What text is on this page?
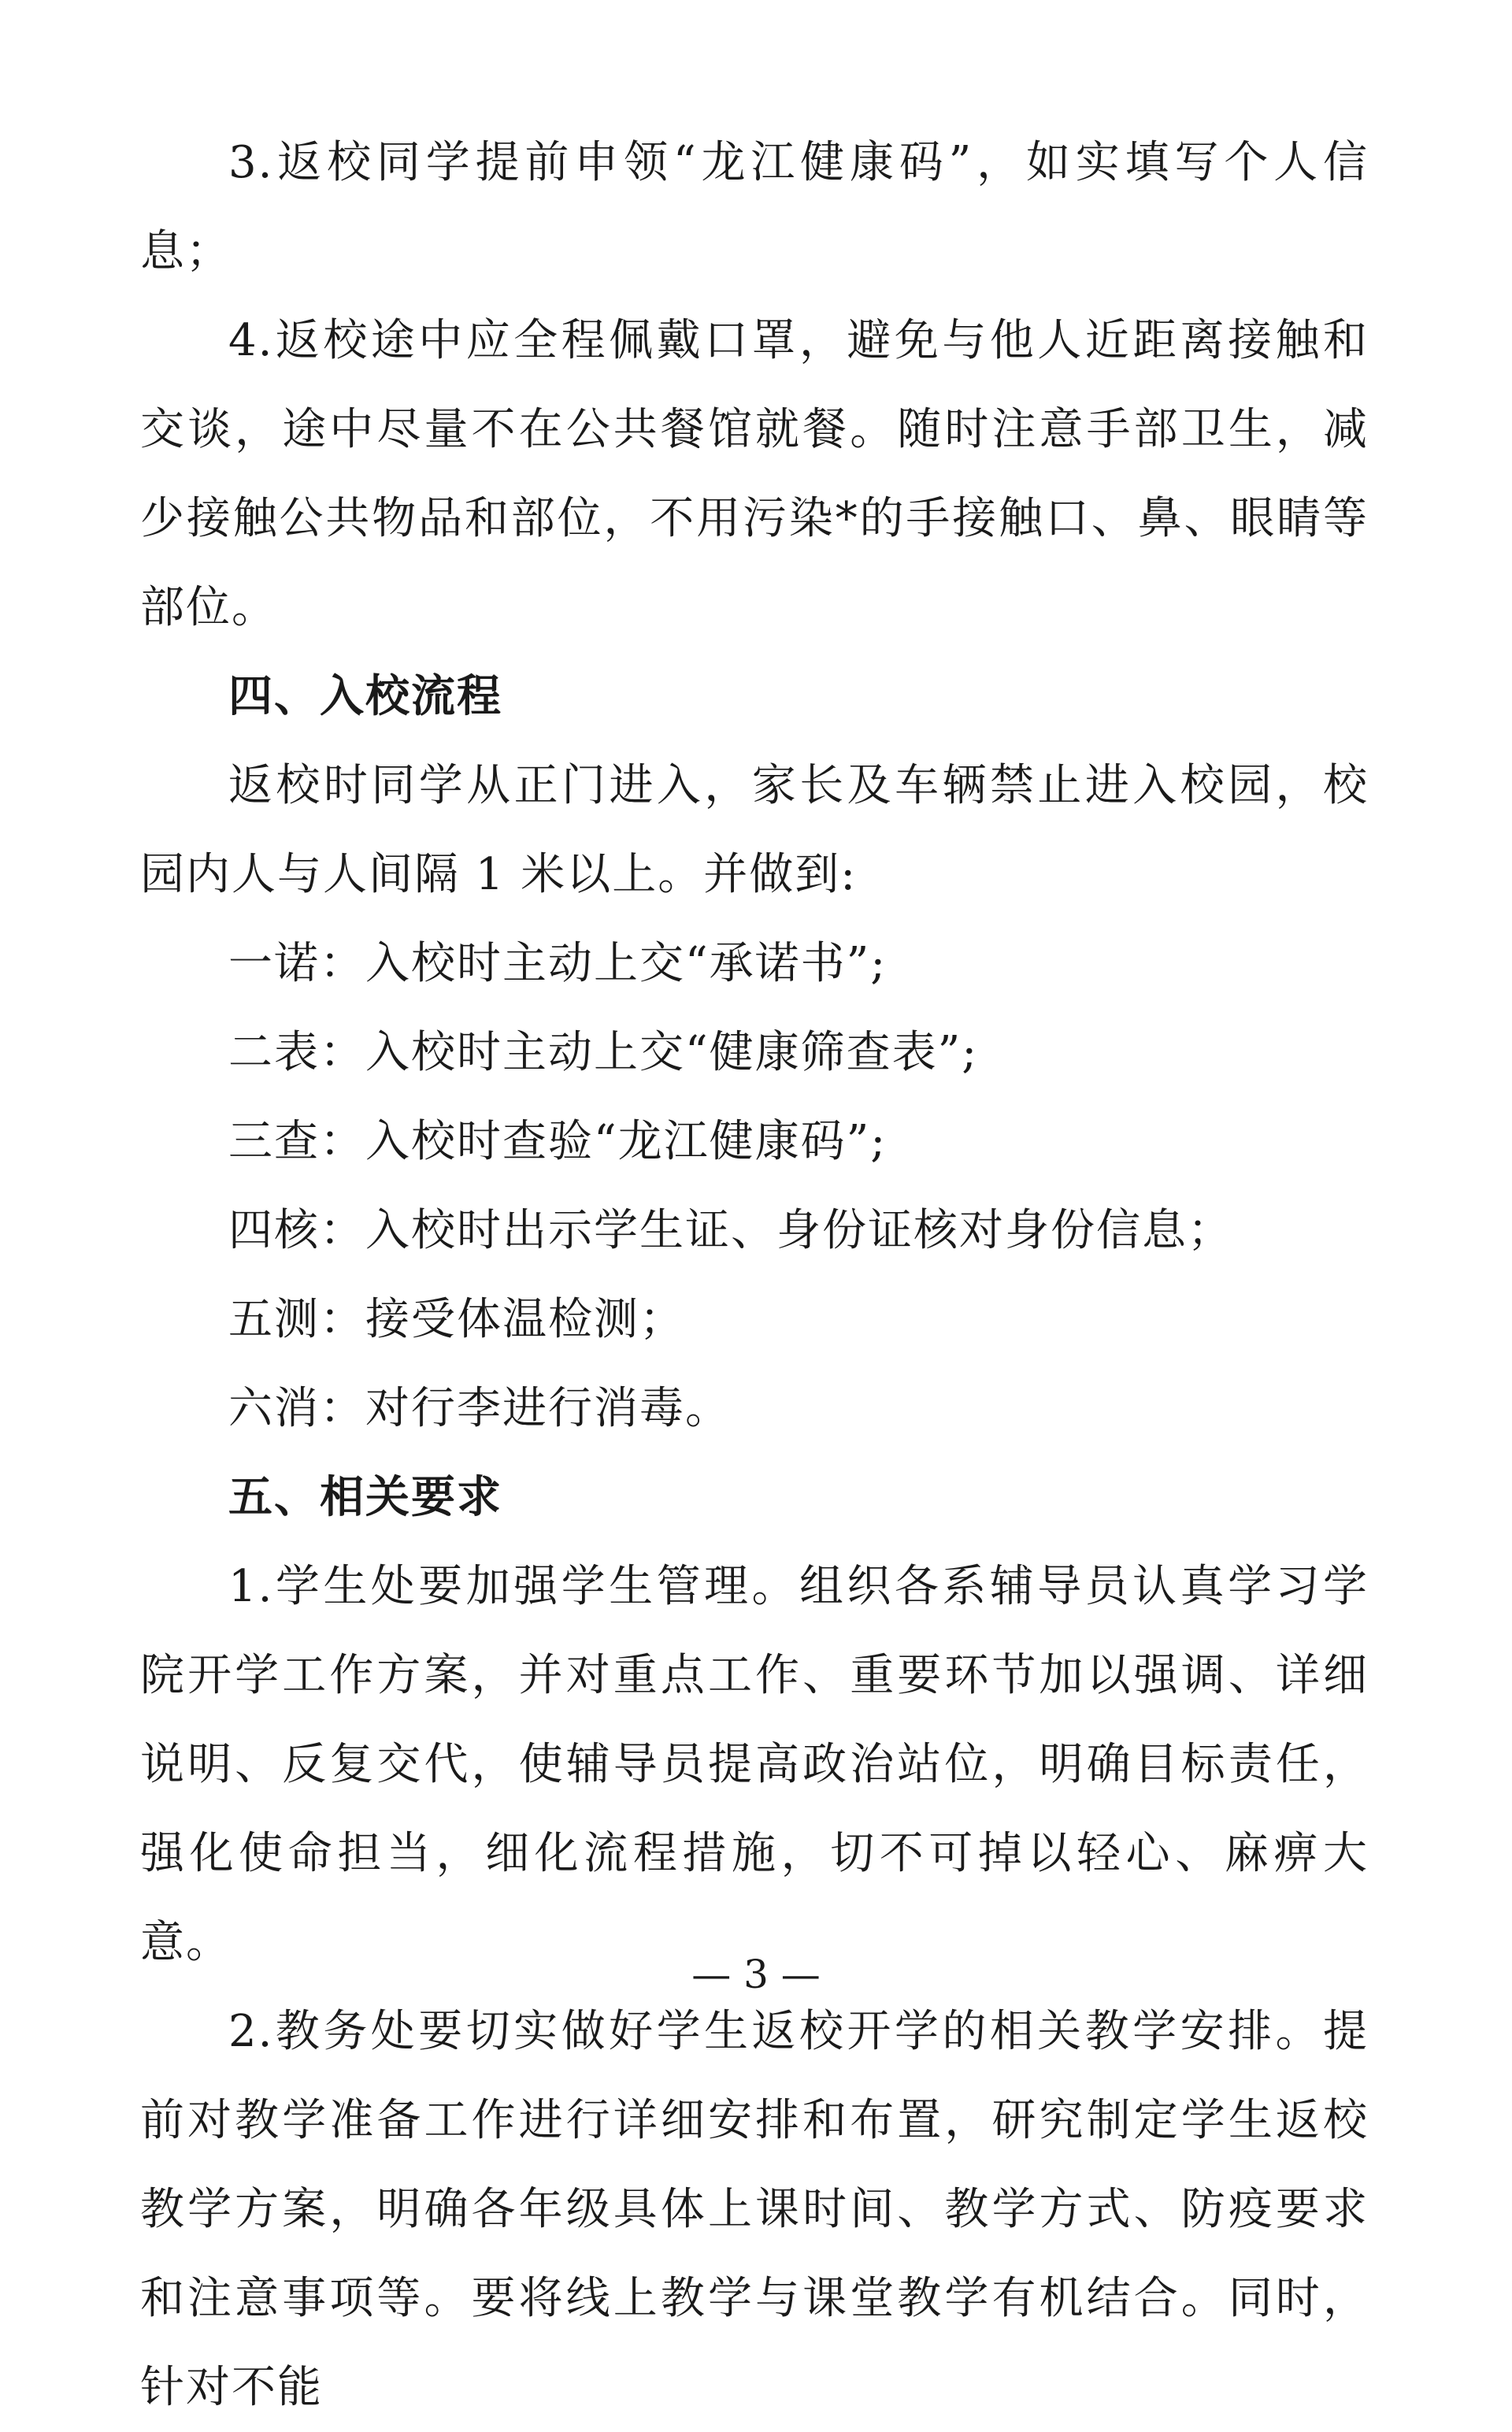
3.返校同学提前申领“龙江健康码”，如实填写个人信息；

4.返校途中应全程佩戴口罩，避免与他人近距离接触和交谈，途中尽量不在公共餐馆就餐。随时注意手部卫生，减少接触公共物品和部位，不用污染*的手接触口、鼻、眼睛等部位。

四、入校流程

返校时同学从正门进入，家长及车辆禁止进入校园，校园内人与人间隔 1 米以上。并做到:

一诺：入校时主动上交“承诺书”;

二表：入校时主动上交“健康筛查表”;

三查：入校时查验“龙江健康码”;

四核：入校时出示学生证、身份证核对身份信息；

五测：接受体温检测；

六消：对行李进行消毒。

五、相关要求

1.学生处要加强学生管理。组织各系辅导员认真学习学院开学工作方案，并对重点工作、重要环节加以强调、详细说明、反复交代，使辅导员提高政治站位，明确目标责任，强化使命担当，细化流程措施，切不可掉以轻心、麻痹大意。

2.教务处要切实做好学生返校开学的相关教学安排。提前对教学准备工作进行详细安排和布置，研究制定学生返校教学方案，明确各年级具体上课时间、教学方式、防疫要求和注意事项等。要将线上教学与课堂教学有机结合。同时，针对不能

— 3 —
